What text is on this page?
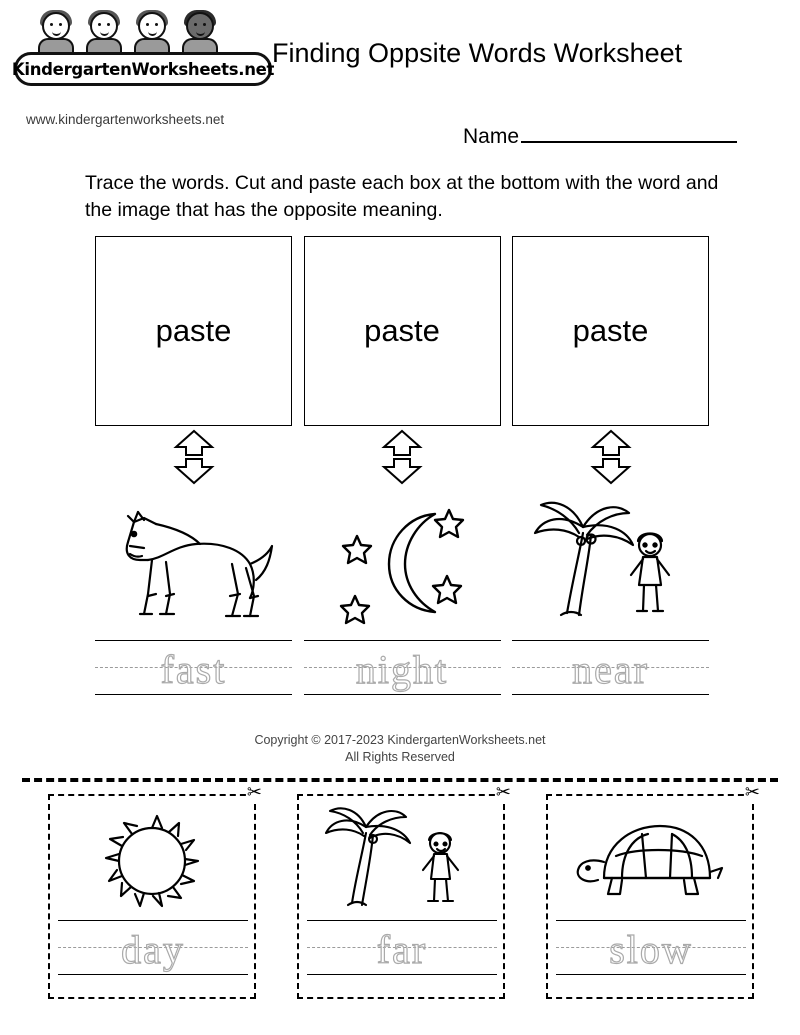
KindergartenWorksheets.net
www.kindergartenworksheets.net
Finding Oppsite Words Worksheet
Name
Trace the words. Cut and paste each box at the bottom with the word and the image that has the opposite meaning.
paste
fast
paste
night
paste
near
Copyright © 2017-2023 KindergartenWorksheets.net
All Rights Reserved
✂
day
✂
far
✂
slow
